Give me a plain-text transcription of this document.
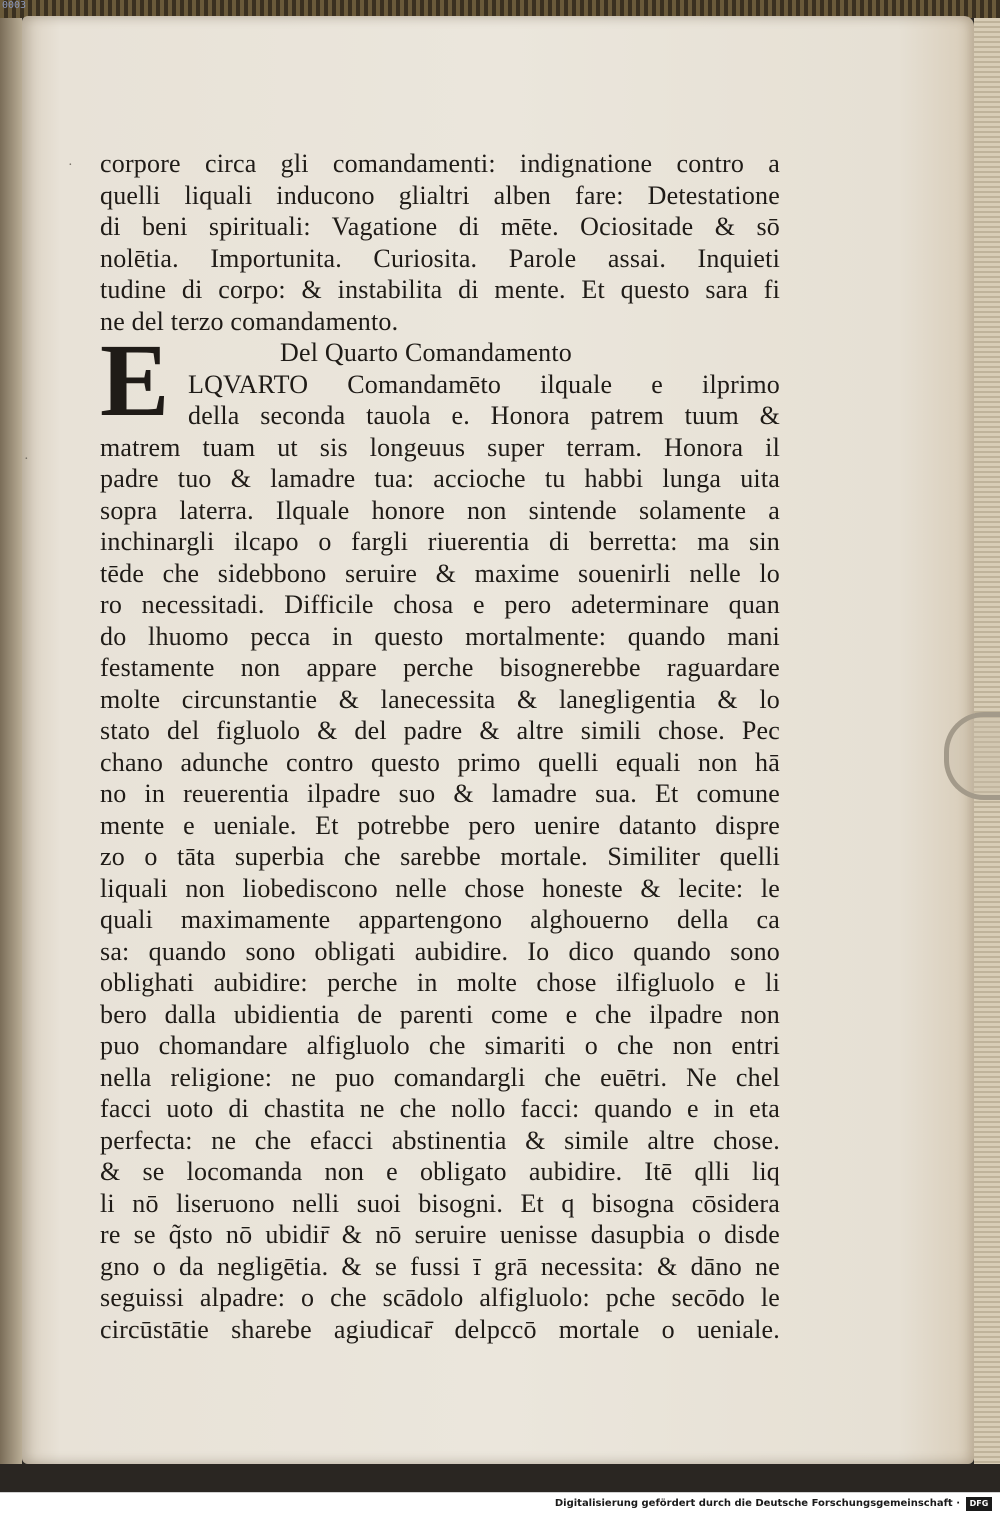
0003
·
·
corpore circa gli comandamenti: indignatione contro a
quelli liquali inducono glialtri alben fare: Detestatione
di beni spirituali: Vagatione di mēte. Ociositade & sō
nolētia. Importunita. Curiosita. Parole assai. Inquieti
tudine di corpo: & instabilita di mente. Et questo sara fi
ne del terzo comandamento.
Del Quarto Comandamento
LQVARTO Comandamēto ilquale e ilprimo
della seconda tauola e. Honora patrem tuum &
matrem tuam ut sis longeuus super terram. Honora il
padre tuo & lamadre tua: accioche tu habbi lunga uita
sopra laterra. Ilquale honore non sintende solamente a
inchinargli ilcapo o fargli riuerentia di berretta: ma sin
tēde che sidebbono seruire & maxime souenirli nelle lo
ro necessitadi. Difficile chosa e pero adeterminare quan
do lhuomo pecca in questo mortalmente: quando mani
festamente non appare perche bisognerebbe raguardare
molte circunstantie & lanecessita & lanegligentia & lo
stato del figluolo & del padre & altre simili chose. Pec
chano adunche contro questo primo quelli equali non hā
no in reuerentia ilpadre suo & lamadre sua. Et comune
mente e ueniale. Et potrebbe pero uenire datanto dispre
zo o tāta superbia che sarebbe mortale. Similiter quelli
liquali non liobediscono nelle chose honeste & lecite: le
quali maximamente appartengono alghouerno della ca
sa: quando sono obligati aubidire. Io dico quando sono
oblighati aubidire: perche in molte chose ilfigluolo e li
bero dalla ubidientia de parenti come e che ilpadre non
puo chomandare alfigluolo che simariti o che non entri
nella religione: ne puo comandargli che euētri. Ne chel
facci uoto di chastita ne che nollo facci: quando e in eta
perfecta: ne che efacci abstinentia & simile altre chose.
& se locomanda non e obligato aubidire. Itē qlli liq
li nō liseruono nelli suoi bisogni. Et q bisogna cōsidera
re se q̃sto nō ubidir̄ & nō seruire uenisse dasupbia o disde
gno o da negligētia. & se fussi ī grā necessita: & dāno ne
seguissi alpadre: o che scādolo alfigluolo: pche secōdo le
circūstātie sharebe agiudicar̄ delpccō mortale o ueniale.
E
Digitalisierung gefördert durch die Deutsche Forschungsgemeinschaft ·	DFG
